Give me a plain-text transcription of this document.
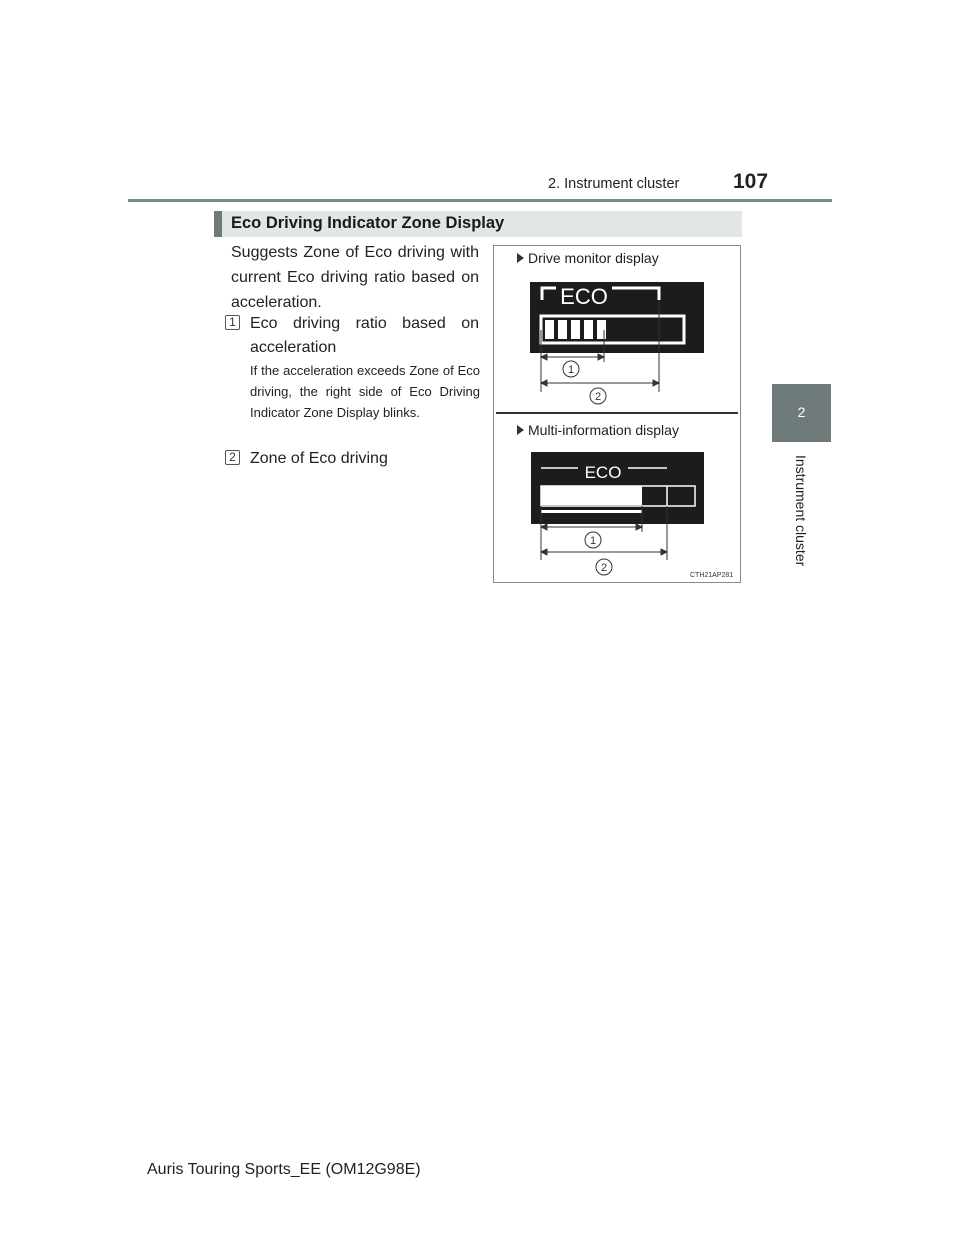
2. Instrument cluster	107
2
Instrument cluster
Eco Driving Indicator Zone Display
Suggests Zone of Eco driving with current Eco driving ratio based on acceleration.
1 Eco driving ratio based on
acceleration
If the acceleration exceeds Zone of Eco driving, the right side of Eco Driving Indicator Zone Display blinks.
2 Zone of Eco driving
Drive monitor display
ECO
1
2
ECO
1
2
Multi-information display
CTH21AP281
Auris Touring Sports_EE (OM12G98E)
